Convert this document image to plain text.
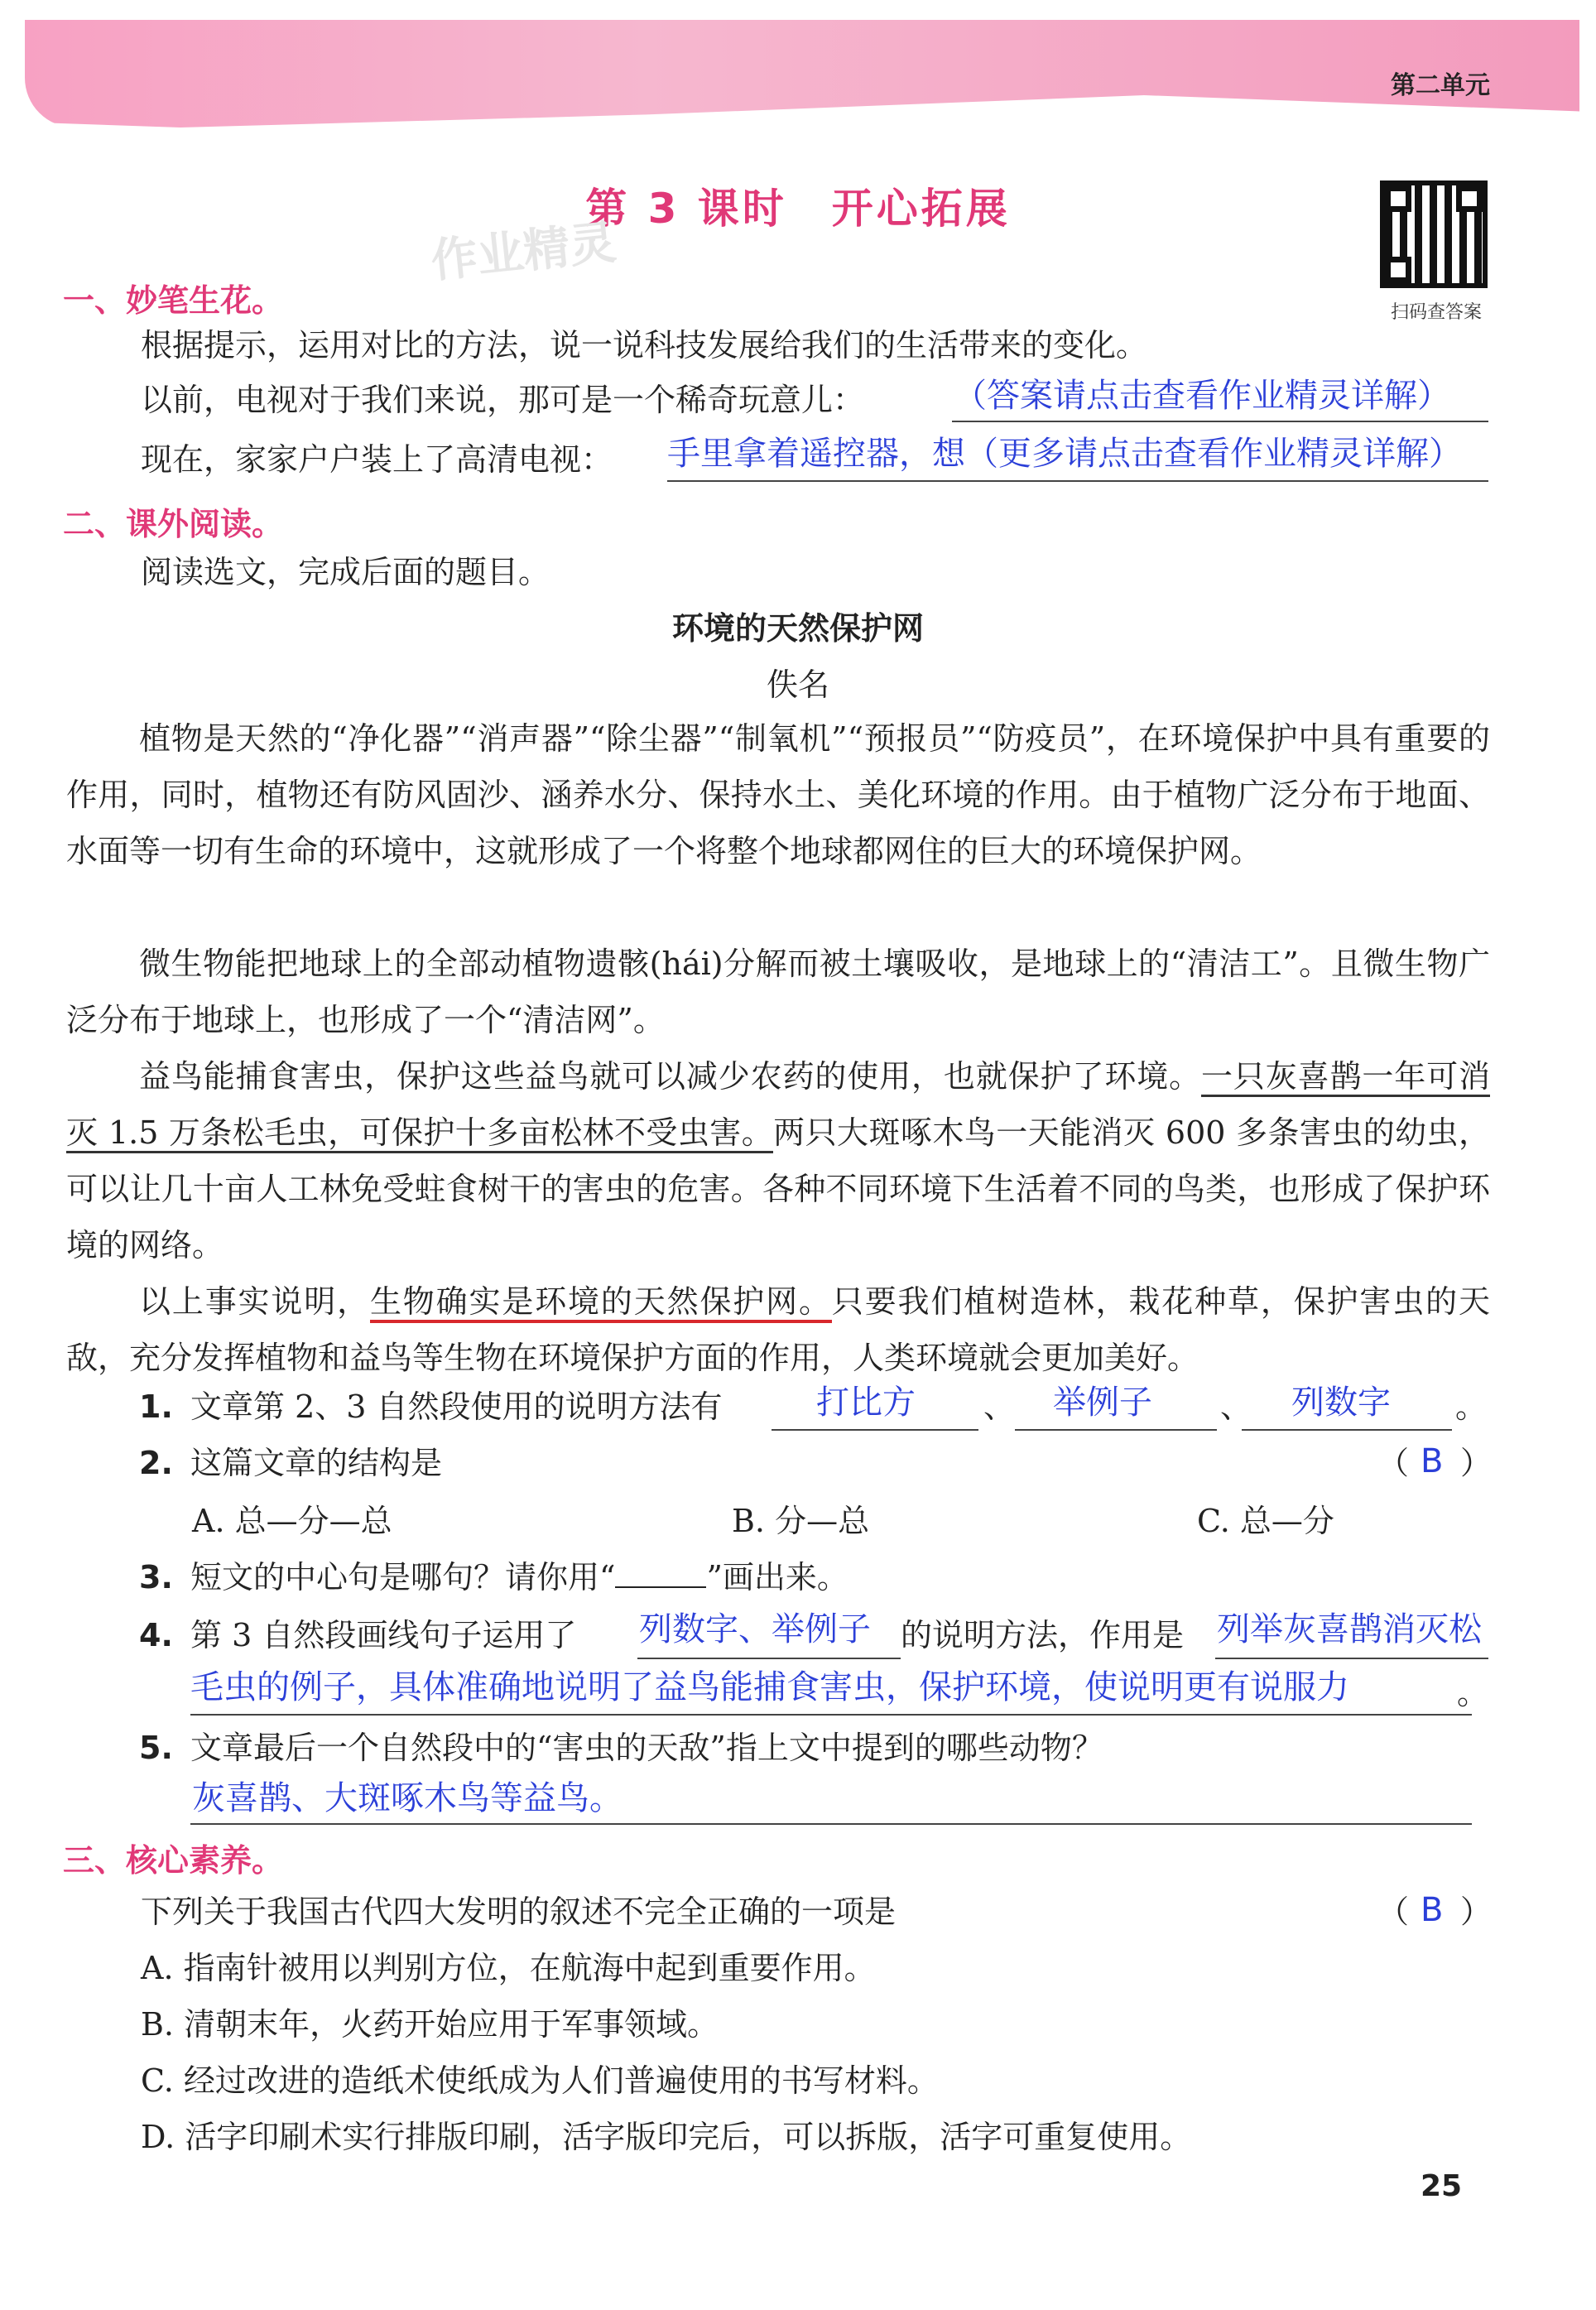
第二单元
第 3 课时　开心拓展
作业精灵
扫码查答案
一、妙笔生花。
根据提示，运用对比的方法，说一说科技发展给我们的生活带来的变化。
以前，电视对于我们来说，那可是一个稀奇玩意儿：	（答案请点击查看作业精灵详解）
现在，家家户户装上了高清电视： 手里拿着遥控器，想（更多请点击查看作业精灵详解）
二、课外阅读。
阅读选文，完成后面的题目。
环境的天然保护网
佚名
植物是天然的“净化器”“消声器”“除尘器”“制氧机”“预报员”“防疫员”，在环境保护中具有重要的作用，同时，植物还有防风固沙、涵养水分、保持水土、美化环境的作用。由于植物广泛分布于地面、水面等一切有生命的环境中，这就形成了一个将整个地球都网住的巨大的环境保护网。
微生物能把地球上的全部动植物遗骸(hái)分解而被土壤吸收，是地球上的“清洁工”。且微生物广泛分布于地球上，也形成了一个“清洁网”。
益鸟能捕食害虫，保护这些益鸟就可以减少农药的使用，也就保护了环境。一只灰喜鹊一年可消灭 1.5 万条松毛虫，可保护十多亩松林不受虫害。两只大斑啄木鸟一天能消灭 600 多条害虫的幼虫，可以让几十亩人工林免受蛀食树干的害虫的危害。各种不同环境下生活着不同的鸟类，也形成了保护环境的网络。
以上事实说明，生物确实是环境的天然保护网。只要我们植树造林，栽花种草，保护害虫的天敌，充分发挥植物和益鸟等生物在环境保护方面的作用，人类环境就会更加美好。
1. 文章第 2、3 自然段使用的说明方法有	打比方 、 举例子 、 列数字 。
2. 这篇文章的结构是	（ B ）
A. 总—分—总	B. 分—总	C. 总—分
3. 短文的中心句是哪句？请你用“	”画出来。
4. 第 3 自然段画线句子运用了 列数字、举例子 的说明方法，作用是 列举灰喜鹊消灭松
毛虫的例子，具体准确地说明了益鸟能捕食害虫，保护环境，使说明更有说服力	。
5. 文章最后一个自然段中的“害虫的天敌”指上文中提到的哪些动物？
灰喜鹊、大斑啄木鸟等益鸟。
三、核心素养。
下列关于我国古代四大发明的叙述不完全正确的一项是	（ B ）
A. 指南针被用以判别方位，在航海中起到重要作用。
B. 清朝末年，火药开始应用于军事领域。
C. 经过改进的造纸术使纸成为人们普遍使用的书写材料。
D. 活字印刷术实行排版印刷，活字版印完后，可以拆版，活字可重复使用。
25
